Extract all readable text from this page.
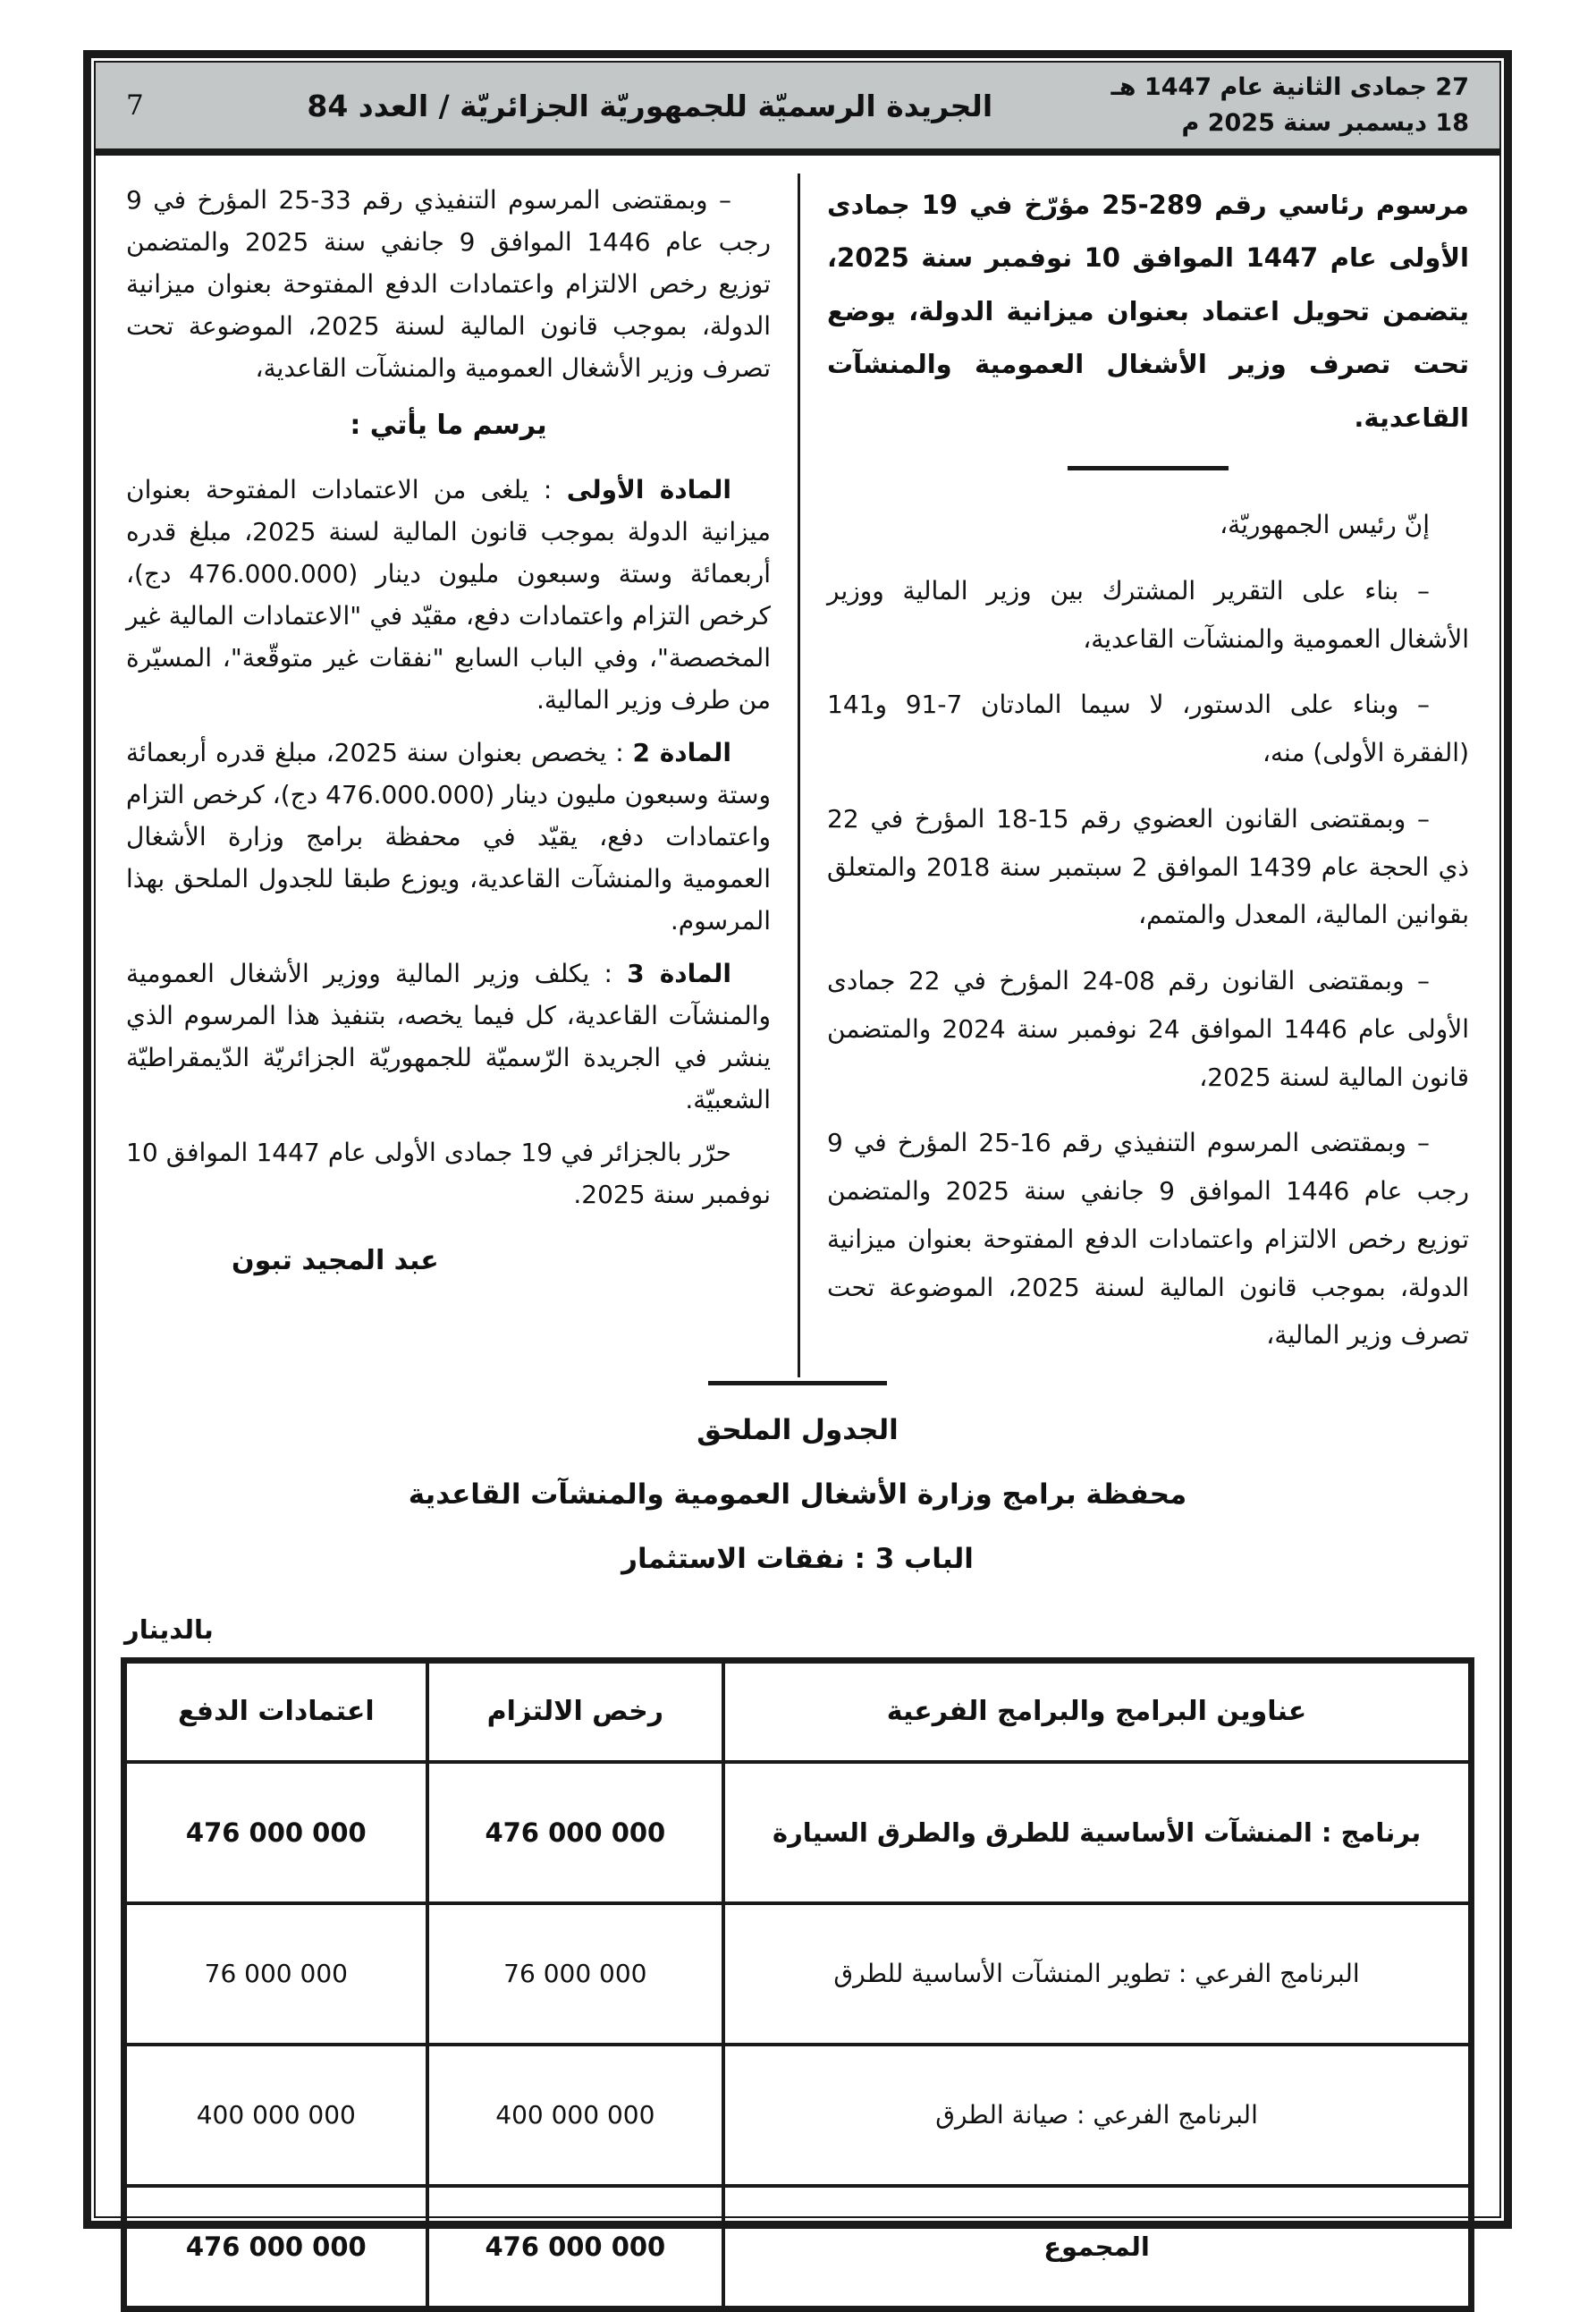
27 جمادى الثانية عام 1447 هـ
18 ديسمبر سنة 2025 م
الجريدة الرسميّة للجمهوريّة الجزائريّة / العدد 84
7

مرسوم رئاسي رقم 289-25 مؤرّخ في 19 جمادى الأولى عام 1447 الموافق 10 نوفمبر سنة 2025، يتضمن تحويل اعتماد بعنوان ميزانية الدولة، يوضع تحت تصرف وزير الأشغال العمومية والمنشآت القاعدية.

إنّ رئيس الجمهوريّة،

– بناء على التقرير المشترك بين وزير المالية ووزير الأشغال العمومية والمنشآت القاعدية،

– وبناء على الدستور، لا سيما المادتان 7-91 و141 (الفقرة الأولى) منه،

– وبمقتضى القانون العضوي رقم 15-18 المؤرخ في 22 ذي الحجة عام 1439 الموافق 2 سبتمبر سنة 2018 والمتعلق بقوانين المالية، المعدل والمتمم،

– وبمقتضى القانون رقم 08-24 المؤرخ في 22 جمادى الأولى عام 1446 الموافق 24 نوفمبر سنة 2024 والمتضمن قانون المالية لسنة 2025،

– وبمقتضى المرسوم التنفيذي رقم 16-25 المؤرخ في 9 رجب عام 1446 الموافق 9 جانفي سنة 2025 والمتضمن توزيع رخص الالتزام واعتمادات الدفع المفتوحة بعنوان ميزانية الدولة، بموجب قانون المالية لسنة 2025، الموضوعة تحت تصرف وزير المالية،

– وبمقتضى المرسوم التنفيذي رقم 33-25 المؤرخ في 9 رجب عام 1446 الموافق 9 جانفي سنة 2025 والمتضمن توزيع رخص الالتزام واعتمادات الدفع المفتوحة بعنوان ميزانية الدولة، بموجب قانون المالية لسنة 2025، الموضوعة تحت تصرف وزير الأشغال العمومية والمنشآت القاعدية،

يرسم ما يأتي :

المادة الأولى : يلغى من الاعتمادات المفتوحة بعنوان ميزانية الدولة بموجب قانون المالية لسنة 2025، مبلغ قدره أربعمائة وستة وسبعون مليون دينار (476.000.000 دج)، كرخص التزام واعتمادات دفع، مقيّد في "الاعتمادات المالية غير المخصصة"، وفي الباب السابع "نفقات غير متوقّعة"، المسيّرة من طرف وزير المالية.

المادة 2 : يخصص بعنوان سنة 2025، مبلغ قدره أربعمائة وستة وسبعون مليون دينار (476.000.000 دج)، كرخص التزام واعتمادات دفع، يقيّد في محفظة برامج وزارة الأشغال العمومية والمنشآت القاعدية، ويوزع طبقا للجدول الملحق بهذا المرسوم.

المادة 3 : يكلف وزير المالية ووزير الأشغال العمومية والمنشآت القاعدية، كل فيما يخصه، بتنفيذ هذا المرسوم الذي ينشر في الجريدة الرّسميّة للجمهوريّة الجزائريّة الدّيمقراطيّة الشعبيّة.

حرّر بالجزائر في 19 جمادى الأولى عام 1447 الموافق 10 نوفمبر سنة 2025.

عبد المجيد تبون

الجدول الملحق
محفظة برامج وزارة الأشغال العمومية والمنشآت القاعدية
الباب 3 : نفقات الاستثمار
بالدينار
عناوين البرامج والبرامج الفرعية	رخص الالتزام	اعتمادات الدفع
برنامج : المنشآت الأساسية للطرق والطرق السيارة	476 000 000	476 000 000
البرنامج الفرعي : تطوير المنشآت الأساسية للطرق	76 000 000	76 000 000
البرنامج الفرعي : صيانة الطرق	400 000 000	400 000 000
المجموع	476 000 000	476 000 000
